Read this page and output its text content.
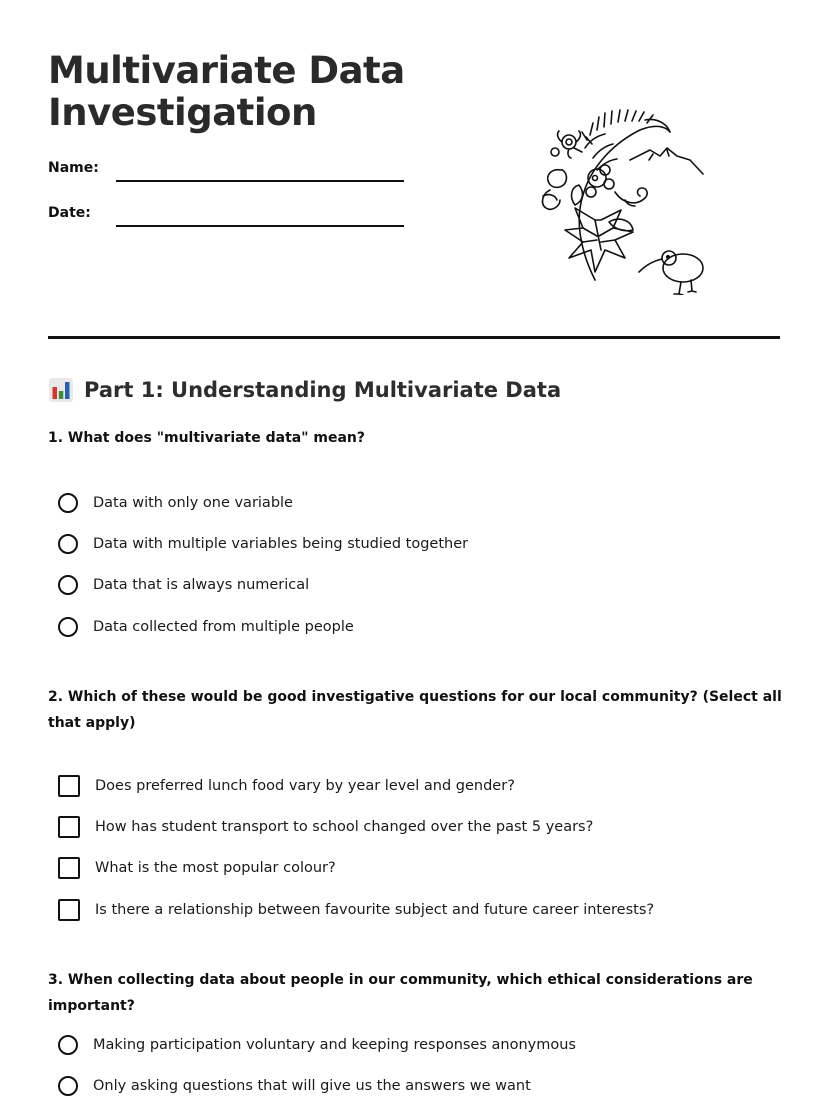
Multivariate Data Investigation
Name:
Date:
Part 1: Understanding Multivariate Data

1. What does "multivariate data" mean?

Data with only one variable
Data with multiple variables being studied together
Data that is always numerical
Data collected from multiple people

2. Which of these would be good investigative questions for our local community? (Select all that apply)

Does preferred lunch food vary by year level and gender?
How has student transport to school changed over the past 5 years?
What is the most popular colour?
Is there a relationship between favourite subject and future career interests?

3. When collecting data about people in our community, which ethical considerations are important?

Making participation voluntary and keeping responses anonymous
Only asking questions that will give us the answers we want
